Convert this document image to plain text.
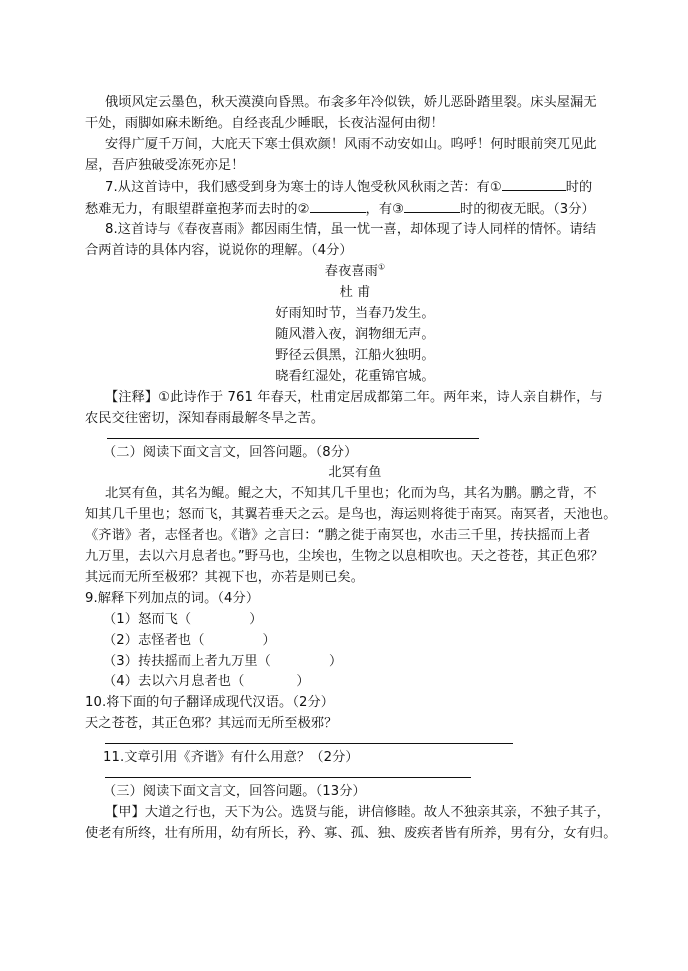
俄顷风定云墨色，秋天漠漠向昏黑。布衾多年冷似铁，娇儿恶卧踏里裂。床头屋漏无
干处，雨脚如麻未断绝。自经丧乱少睡眠，长夜沾湿何由彻！
安得广厦千万间，大庇天下寒士俱欢颜！风雨不动安如山。呜呼！何时眼前突兀见此
屋，吾庐独破受冻死亦足！
7.从这首诗中，我们感受到身为寒士的诗人饱受秋风秋雨之苦：有①	时的
愁难无力，有眼望群童抱茅而去时的②	，有③	时的彻夜无眠。（3分）
8.这首诗与《春夜喜雨》都因雨生情，虽一忧一喜，却体现了诗人同样的情怀。请结
合两首诗的具体内容，说说你的理解。（4分）
春夜喜雨①
杜 甫
好雨知时节，当春乃发生。
随风潜入夜，润物细无声。
野径云俱黑，江船火独明。
晓看红湿处，花重锦官城。
【注释】①此诗作于 761 年春天，杜甫定居成都第二年。两年来，诗人亲自耕作，与
农民交往密切，深知春雨最解冬旱之苦。
（二）阅读下面文言文，回答问题。（8分）
北冥有鱼
北冥有鱼，其名为鲲。鲲之大，不知其几千里也；化而为鸟，其名为鹏。鹏之背，不
知其几千里也；怒而飞，其翼若垂天之云。是鸟也，海运则将徙于南冥。南冥者，天池也。
《齐谐》者，志怪者也。《谐》之言曰：“鹏之徙于南冥也，水击三千里，抟扶摇而上者
九万里，去以六月息者也。”野马也，尘埃也，生物之以息相吹也。天之苍苍，其正色邪？
其远而无所至极邪？其视下也，亦若是则已矣。
9.解释下列加点的词。（4分）
（1）怒而飞（	）
（2）志怪者也（	）
（3）抟扶摇而上者九万里（	）
（4）去以六月息者也（	）
10.将下面的句子翻译成现代汉语。（2分）
天之苍苍，其正色邪？其远而无所至极邪？
11.文章引用《齐谐》有什么用意？（2分）
（三）阅读下面文言文，回答问题。（13分）
【甲】大道之行也，天下为公。选贤与能，讲信修睦。故人不独亲其亲，不独子其子，
使老有所终，壮有所用，幼有所长，矜、寡、孤、独、废疾者皆有所养，男有分，女有归。
